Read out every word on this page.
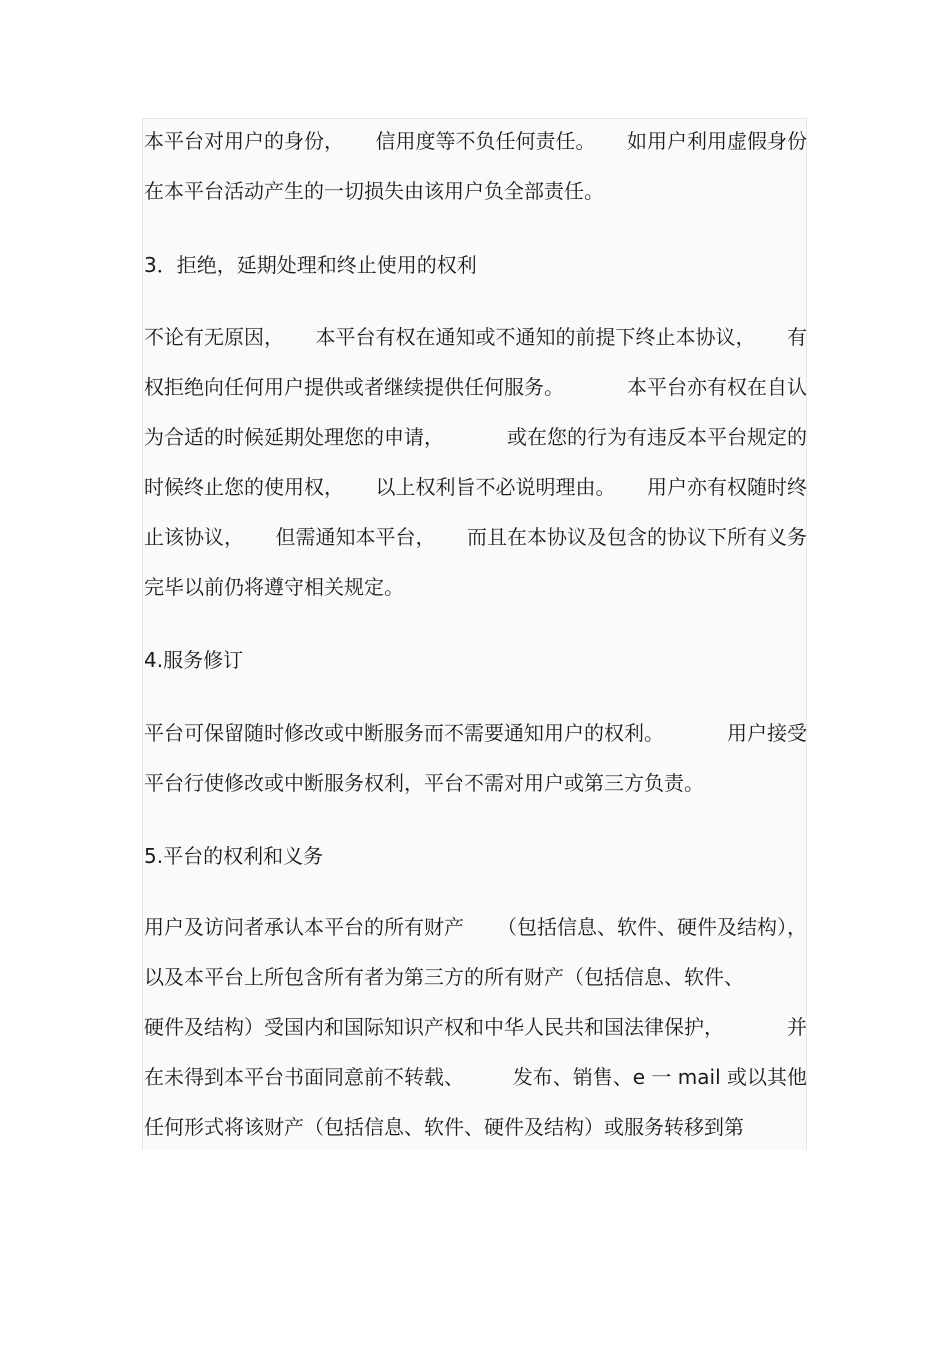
本平台对用户的身份， 信用度等不负任何责任。 如用户利用虚假身份
在本平台活动产生的一切损失由该用户负全部责任。
3．拒绝，延期处理和终止使用的权利
不论有无原因， 本平台有权在通知或不通知的前提下终止本协议， 有
权拒绝向任何用户提供或者继续提供任何服务。	本平台亦有权在自认
为合适的时候延期处理您的申请，	或在您的行为有违反本平台规定的
时候终止您的使用权， 以上权利旨不必说明理由。 用户亦有权随时终
止该协议， 但需通知本平台， 而且在本协议及包含的协议下所有义务
完毕以前仍将遵守相关规定。
4.服务修订
平台可保留随时修改或中断服务而不需要通知用户的权利。	用户接受
平台行使修改或中断服务权利，平台不需对用户或第三方负责。
5.平台的权利和义务
用户及访问者承认本平台的所有财产 （包括信息、软件、硬件及结构），
以及本平台上所包含所有者为第三方的所有财产（包括信息、软件、
硬件及结构）受国内和国际知识产权和中华人民共和国法律保护，	并
在未得到本平台书面同意前不转载、 发布、销售、e 一 mail 或以其他
任何形式将该财产（包括信息、软件、硬件及结构）或服务转移到第
